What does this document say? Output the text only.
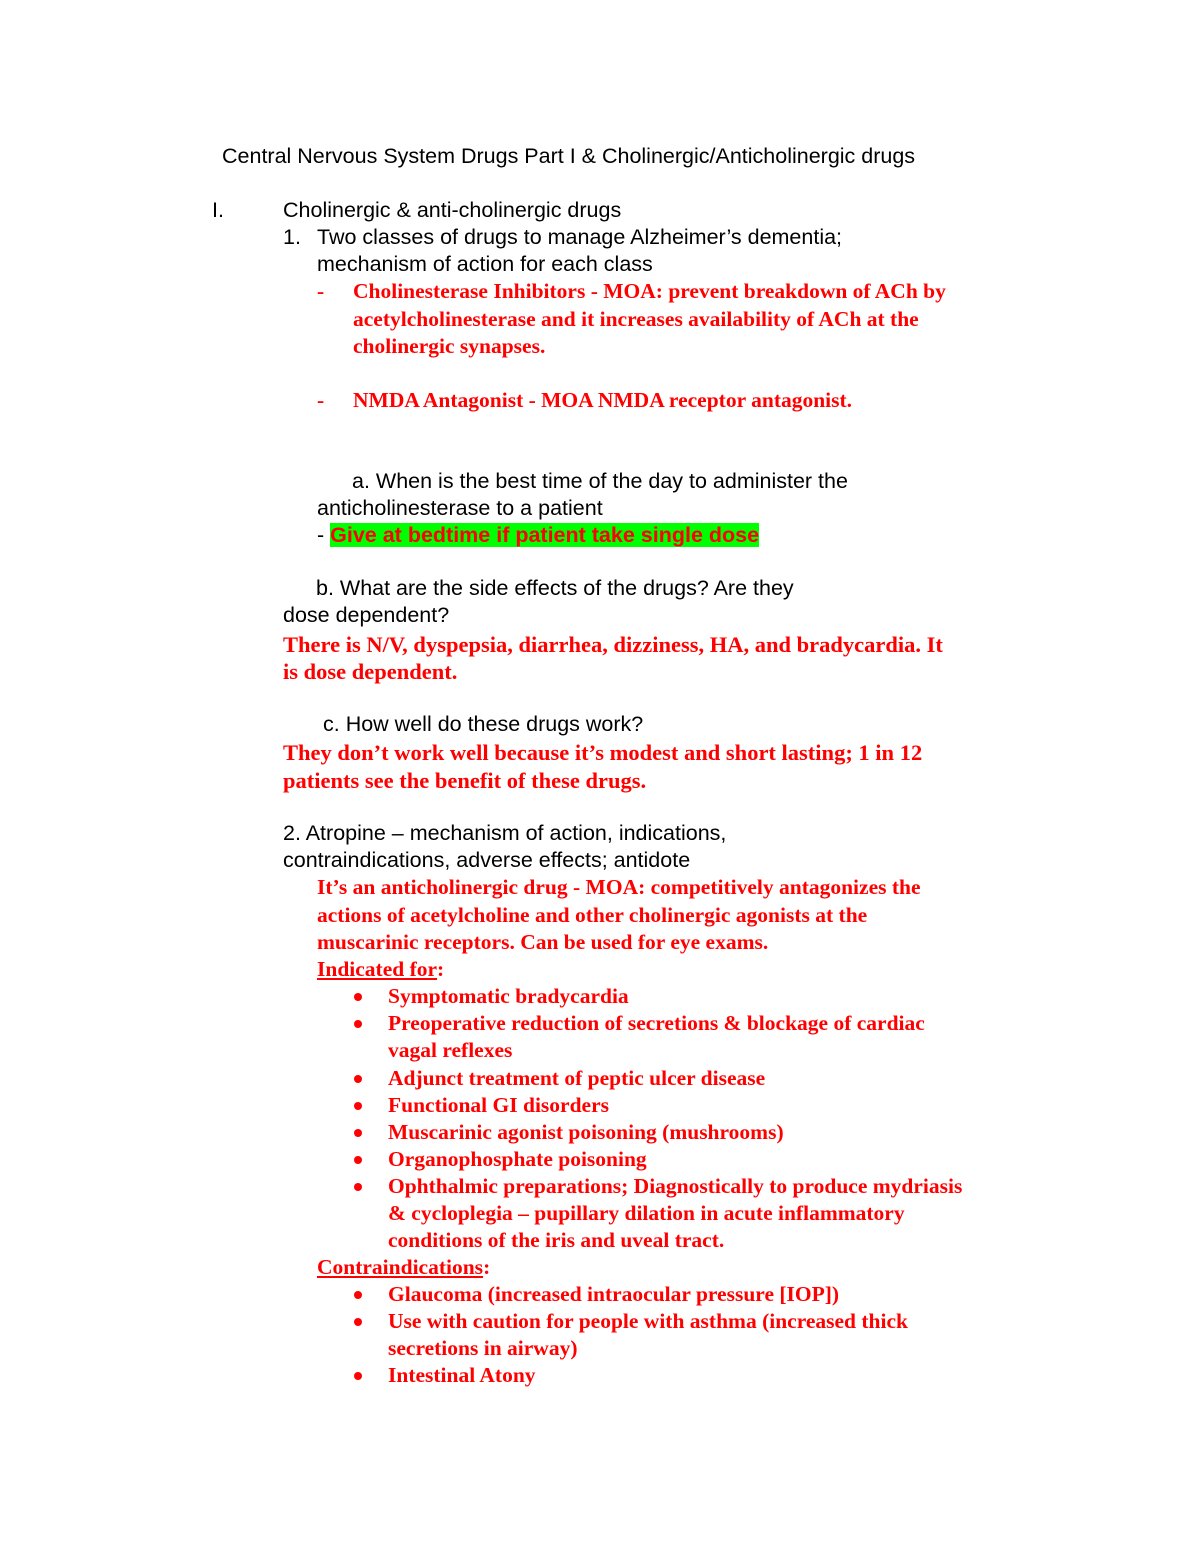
Central Nervous System Drugs Part I & Cholinergic/Anticholinergic drugs
I.	Cholinergic & anti-cholinergic drugs
1. Two classes of drugs to manage Alzheimer’s dementia;
mechanism of action for each class
- Cholinesterase Inhibitors - MOA: prevent breakdown of ACh by
acetylcholinesterase and it increases availability of ACh at the
cholinergic synapses.
- NMDA Antagonist - MOA NMDA receptor antagonist.
a. When is the best time of the day to administer the
anticholinesterase to a patient
- Give at bedtime if patient take single dose
b. What are the side effects of the drugs? Are they
dose dependent?
There is N/V, dyspepsia, diarrhea, dizziness, HA, and bradycardia. It
is dose dependent.
c. How well do these drugs work?
They don’t work well because it’s modest and short lasting; 1 in 12
patients see the benefit of these drugs.
2. Atropine – mechanism of action, indications,
contraindications, adverse effects; antidote
It’s an anticholinergic drug - MOA: competitively antagonizes the
actions of acetylcholine and other cholinergic agonists at the
muscarinic receptors. Can be used for eye exams.
Indicated for:
Symptomatic bradycardia
Preoperative reduction of secretions & blockage of cardiac
vagal reflexes
Adjunct treatment of peptic ulcer disease
Functional GI disorders
Muscarinic agonist poisoning (mushrooms)
Organophosphate poisoning
Ophthalmic preparations; Diagnostically to produce mydriasis
& cycloplegia – pupillary dilation in acute inflammatory
conditions of the iris and uveal tract.
Contraindications:
Glaucoma (increased intraocular pressure [IOP])
Use with caution for people with asthma (increased thick
secretions in airway)
Intestinal Atony
